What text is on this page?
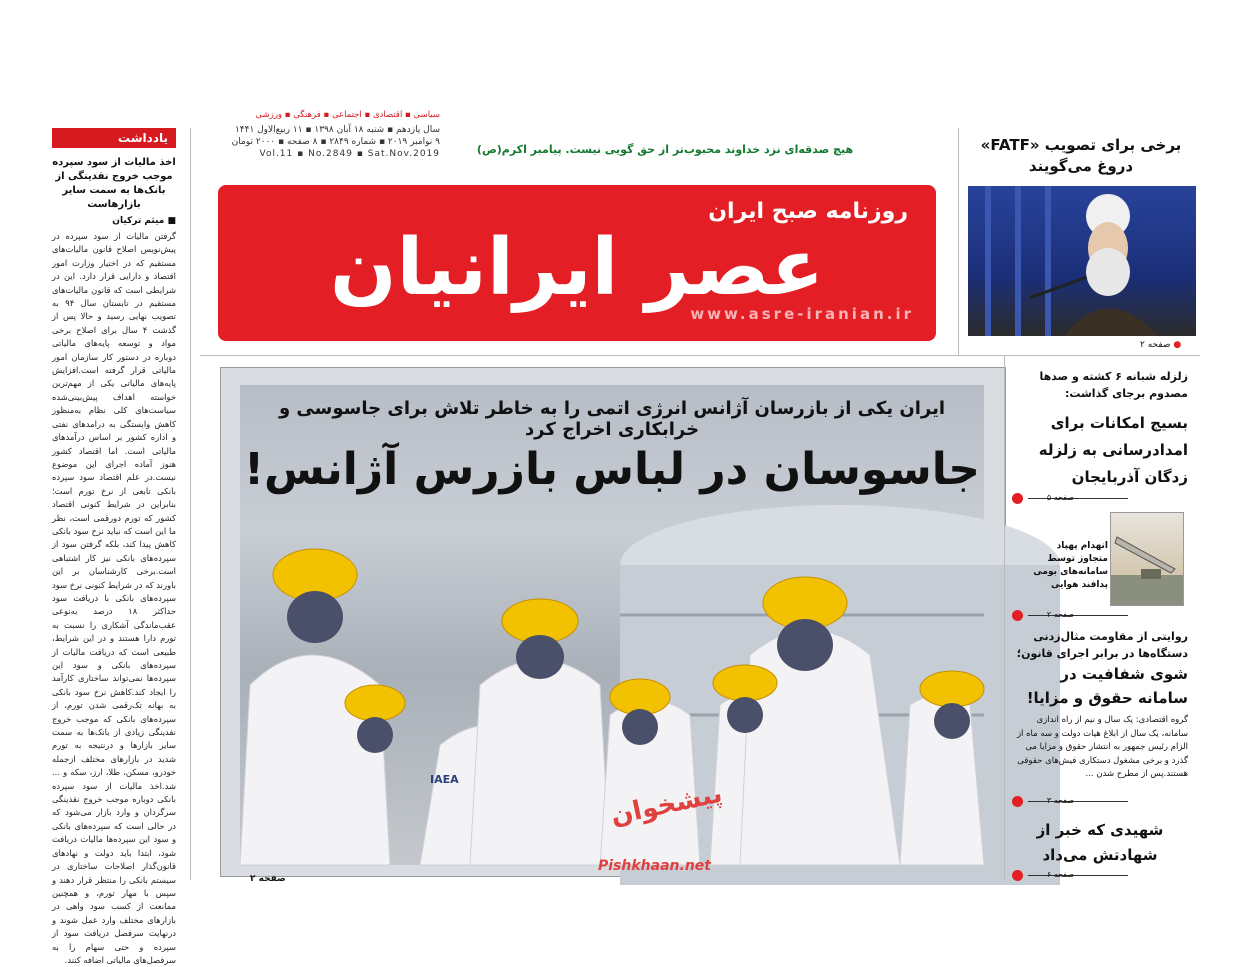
یادداشت
اخذ مالیات از سود سپرده موجب خروج نقدینگی از بانک‌ها به سمت سایر بازارهاست
■ میثم ترکیان
گرفتن مالیات از سود سپرده در پیش‌نویس اصلاح قانون مالیات‌های مستقیم که در اختیار وزارت امور اقتصاد و دارایی قرار دارد. این در شرایطی است که قانون مالیات‌های مستقیم در تابستان سال ۹۴ به تصویب نهایی رسید و حالا پس از گذشت ۴ سال برای اصلاح برخی مواد و توسعه پایه‌های مالیاتی دوباره در دستور کار سازمان امور مالیاتی قرار گرفته است.افزایش پایه‌های مالیاتی یکی از مهم‌ترین خواسته اهداف پیش‌بینی‌شده سیاست‌های کلی نظام به‌منظور کاهش وابستگی به درامدهای نفتی و اداره کشور بر اساس درآمدهای مالیاتی است. اما اقتصاد کشور هنوز آماده اجرای این موضوع نیست.در علم اقتصاد سود سپرده بانکی تابعی از نرخ تورم است؛ بنابراین در شرایط کنونی اقتصاد کشور که تورم دورقمی است، نظر ما این است که نباید نرخ سود بانکی کاهش پیدا کند، بلکه گرفتن سود از سپرده‌های بانکی نیز کار اشتباهی است.برخی کارشناسان بر این باورند که در شرایط کنونی نرخ سود سپرده‌های بانکی با دریافت سود حداکثر ۱۸ درصد به‌نوعی عقب‌ماندگی آشکاری را نسبت به تورم دارا هستند و در این شرایط، طبیعی است که دریافت مالیات از سپرده‌های بانکی و سود این سپرده‌ها نمی‌تواند ساختاری کارآمد را ایجاد کند.کاهش نرخ سود بانکی به بهانه تک‌رقمی شدن تورم، از سپرده‌های بانکی که موجب خروج نقدینگی زیادی از بانک‌ها به سمت سایر بازارها و درنتیجه به تورم شدید در بازارهای مختلف ازجمله خودرو، مسکن، طلا، ارز، سکه و ... شد.اخذ مالیات از سود سپرده بانکی دوباره موجب خروج نقدینگی سرگردان و وارد بازار می‌شود که در حالی است که سپرده‌های بانکی و سود این سپرده‌ها مالیات دریافت شود، ابتدا باید دولت و نهادهای قانون‌گذار اصلاحات ساختاری در سیستم بانکی را منتظر قرار دهند و سپس با مهار تورم، و همچنین ممانعت از کسب سود واهی در بازارهای مختلف وارد عمل شوند و درنهایت سرفصل دریافت سود از سپرده و حتی سهام را به سرفصل‌های مالیاتی اضافه کنند.
سیاسی ▪ اقتصادی ▪ اجتماعی ▪ فرهنگی ▪ ورزشی
سال یازدهم ▪ شنبه ۱۸ آبان ۱۳۹۸ ▪ ۱۱ ربیع‌الاول ۱۴۴۱
۹ نوامبر ۲۰۱۹ ▪ شماره ۲۸۴۹ ▪ ۸ صفحه ▪ ۲۰۰۰ تومان
Vol.11 ▪ No.2849 ▪ Sat.Nov.2019	هیچ صدقه‌ای نزد خداوند محبوب‌تر از حق گویی نیست. پیامبر اکرم(ص)
روزنامه صبح ایران
عصر ایرانیان
www.asre-iranian.ir
برخی برای تصویب «FATF» دروغ می‌گویند
● صفحه ۲
IAEA
ایران یکی از بازرسان آژانس انرژی اتمی را به خاطر تلاش برای جاسوسی و خرابکاری اخراج کرد
جاسوسان در لباس بازرس آژانس!
صفحه ۲
پیشخوان
Pishkhaan.net
زلزله شبانه ۶ کشته و صدها مصدوم برجای گذاشت:
بسیج امکانات برای امدادرسانی به زلزله زدگان آذربایجان
صفحه ۵
انهدام پهپاد متجاوز توسط سامانه‌های بومی پدافند هوایی
صفحه ۲
روایتی از مقاومت مثال‌زدنی دستگاه‌ها در برابر اجرای قانون؛
شوی شفافیت در سامانه حقوق و مزایا!
گروه اقتصادی: یک سال و نیم از راه اندازی سامانه، یک سال از ابلاغ هیات دولت و سه ماه از الزام رئیس جمهور به انتشار حقوق و مزایا می گذرد و برخی مشغول دستکاری فیش‌های حقوقی هستند.پس از مطرح شدن ...
صفحه ۳
شهیدی که خبر از شهادتش می‌داد
صفحه ۶
